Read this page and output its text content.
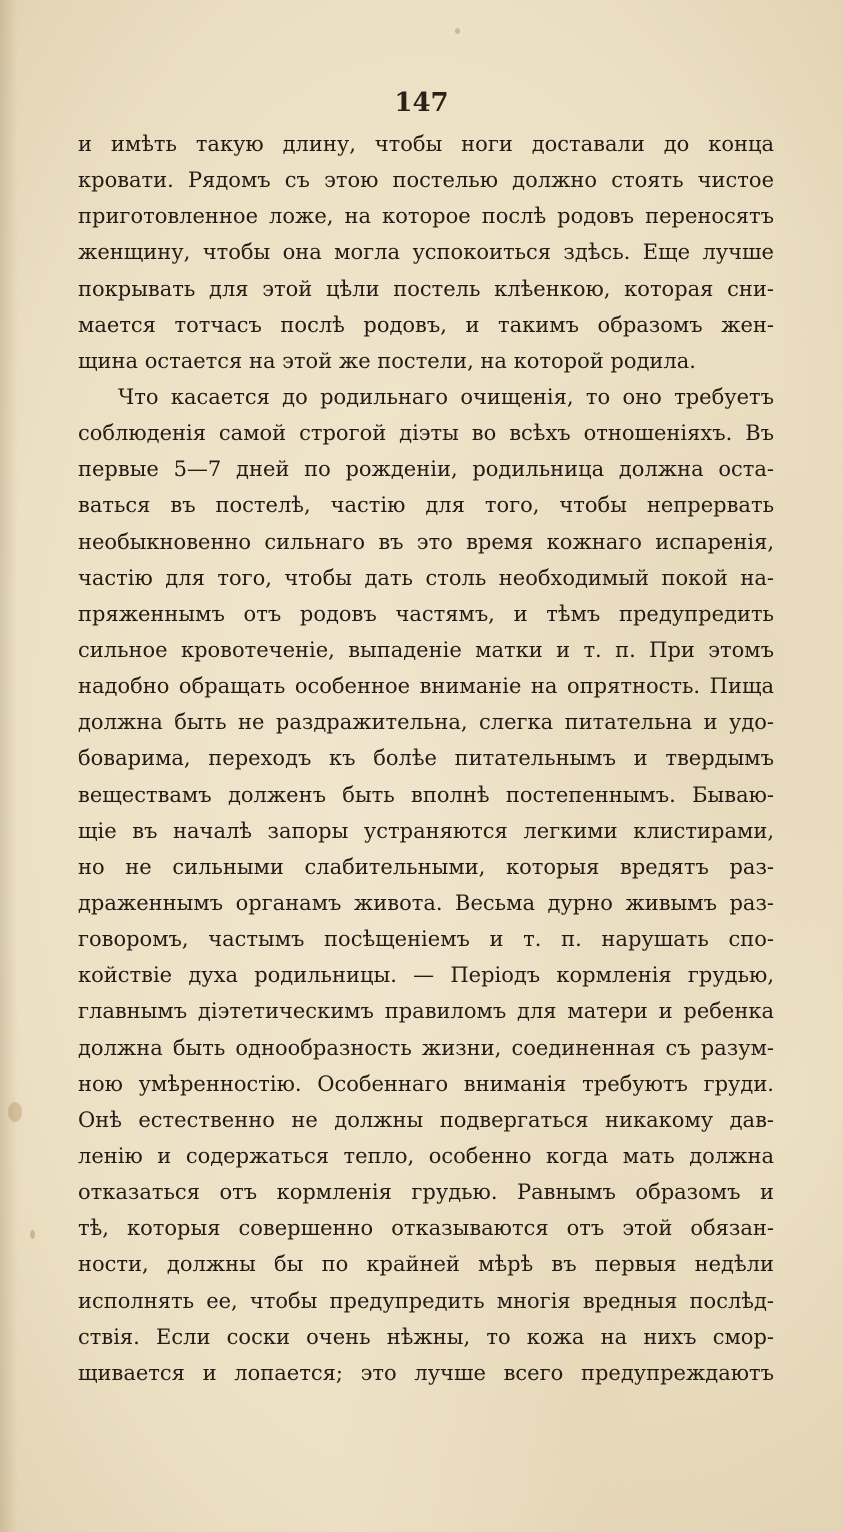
147
и имѣть такую длину, чтобы ноги доставали до конца
кровати. Рядомъ съ этою постелью должно стоять чистое
приготовленное ложе, на которое послѣ родовъ переносятъ
женщину, чтобы она могла успокоиться здѣсь. Еще лучше
покрывать для этой цѣли постель клѣенкою, которая сни-
мается тотчасъ послѣ родовъ, и такимъ образомъ жен-
щина остается на этой же постели, на которой родила.
Что касается до родильнаго очищенія, то оно требуетъ
соблюденія самой строгой діэты во всѣхъ отношеніяхъ. Въ
первые 5—7 дней по рожденіи, родильница должна оста-
ваться въ постелѣ, частію для того, чтобы непрервать
необыкновенно сильнаго въ это время кожнаго испаренія,
частію для того, чтобы дать столь необходимый покой на-
пряженнымъ отъ родовъ частямъ, и тѣмъ предупредить
сильное кровотеченіе, выпаденіе матки и т. п. При этомъ
надобно обращать особенное вниманіе на опрятность. Пища
должна быть не раздражительна, слегка питательна и удо-
боварима, переходъ къ болѣе питательнымъ и твердымъ
веществамъ долженъ быть вполнѣ постепеннымъ. Бываю-
щіе въ началѣ запоры устраняются легкими клистирами,
но не сильными слабительными, которыя вредятъ раз-
драженнымъ органамъ живота. Весьма дурно живымъ раз-
говоромъ, частымъ посѣщеніемъ и т. п. нарушать спо-
койствіе духа родильницы. — Періодъ кормленія грудью,
главнымъ діэтетическимъ правиломъ для матери и ребенка
должна быть однообразность жизни, соединенная съ разум-
ною умѣренностію. Особеннаго вниманія требуютъ груди.
Онѣ естественно не должны подвергаться никакому дав-
ленію и содержаться тепло, особенно когда мать должна
отказаться отъ кормленія грудью. Равнымъ образомъ и
тѣ, которыя совершенно отказываются отъ этой обязан-
ности, должны бы по крайней мѣрѣ въ первыя недѣли
исполнять ее, чтобы предупредить многія вредныя послѣд-
ствія. Если соски очень нѣжны, то кожа на нихъ смор-
щивается и лопается; это лучше всего предупреждаютъ
